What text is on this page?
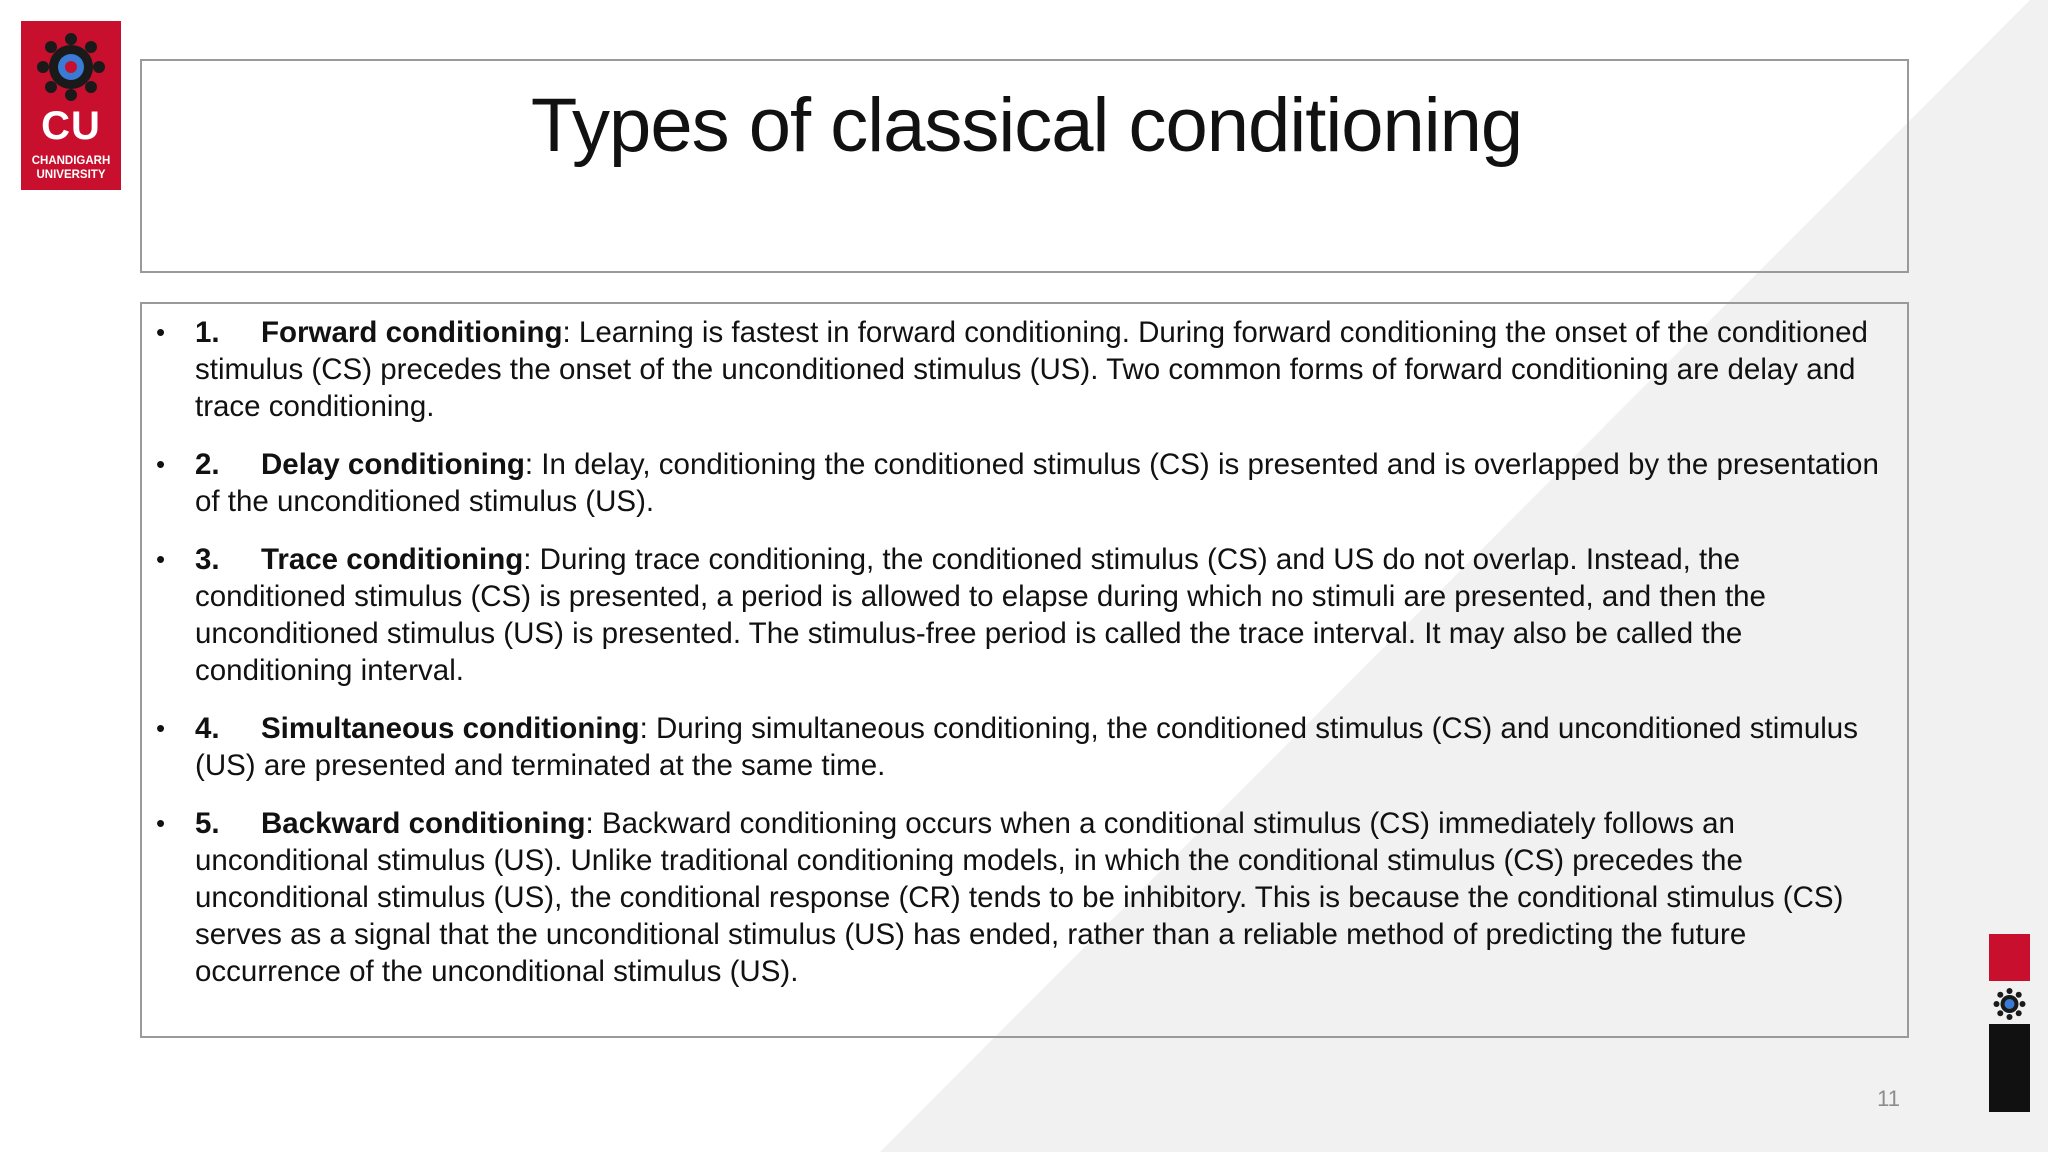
CU
CHANDIGARH
UNIVERSITY
Types of classical conditioning
• 1. Forward conditioning: Learning is fastest in forward conditioning. During forward conditioning the onset of the conditioned stimulus (CS) precedes the onset of the unconditioned stimulus (US). Two common forms of forward conditioning are delay and trace conditioning.
• 2. Delay conditioning: In delay, conditioning the conditioned stimulus (CS) is presented and is overlapped by the presentation of the unconditioned stimulus (US).
• 3. Trace conditioning: During trace conditioning, the conditioned stimulus (CS) and US do not overlap. Instead, the conditioned stimulus (CS) is presented, a period is allowed to elapse during which no stimuli are presented, and then the unconditioned stimulus (US) is presented. The stimulus-free period is called the trace interval. It may also be called the conditioning interval.
• 4. Simultaneous conditioning: During simultaneous conditioning, the conditioned stimulus (CS) and unconditioned stimulus (US) are presented and terminated at the same time.
• 5. Backward conditioning: Backward conditioning occurs when a conditional stimulus (CS) immediately follows an unconditional stimulus (US). Unlike traditional conditioning models, in which the conditional stimulus (CS) precedes the unconditional stimulus (US), the conditional response (CR) tends to be inhibitory. This is because the conditional stimulus (CS) serves as a signal that the unconditional stimulus (US) has ended, rather than a reliable method of predicting the future occurrence of the unconditional stimulus (US).
11
